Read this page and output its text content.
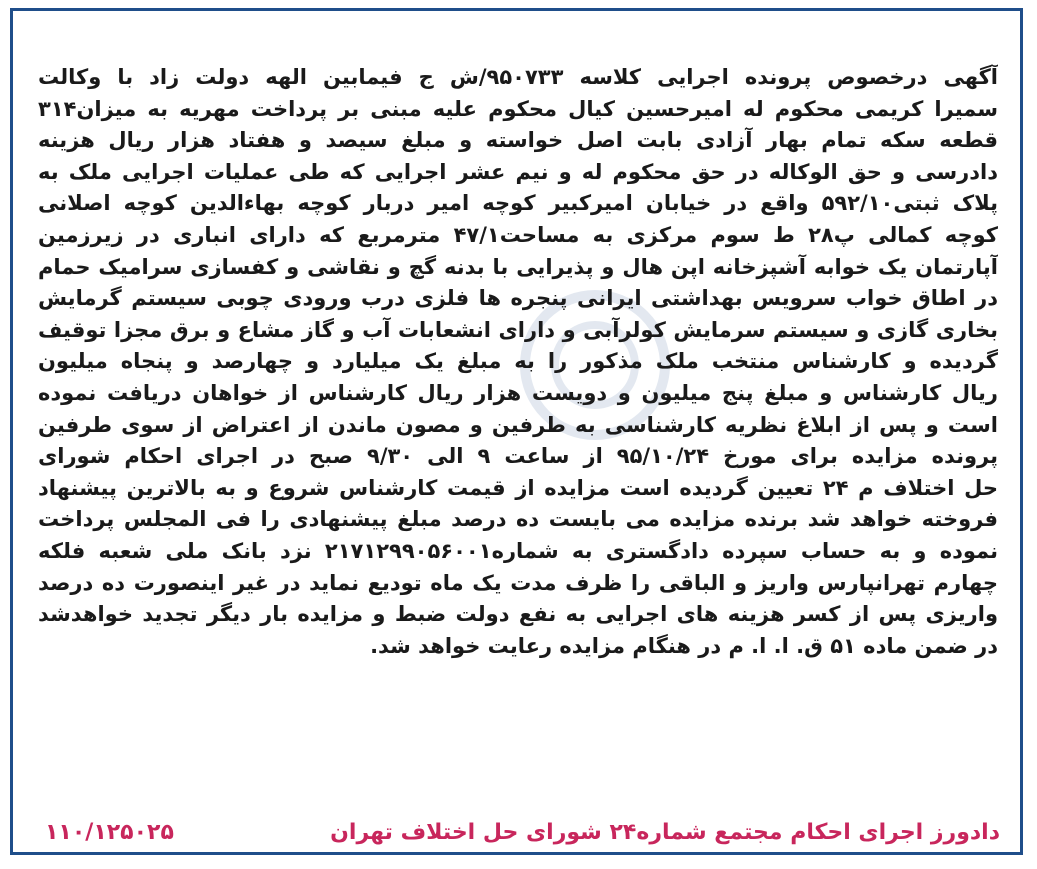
آگهی درخصوص پرونده اجرایی کلاسه ۹۵۰۷۳۳/ش ج فیمابین الهه دولت زاد با وکالت
سمیرا کریمی محکوم له امیرحسین کیال محکوم علیه مبنی بر پرداخت مهریه به میزان۳۱۴
قطعه سکه تمام بهار آزادی بابت اصل خواسته و مبلغ سیصد و هفتاد هزار ریال هزینه
دادرسی و حق الوکاله در حق محکوم له و نیم عشر اجرایی که طی عملیات اجرایی ملک به
پلاک ثبتی۵۹۲/۱۰ واقع در خیابان امیرکبیر کوچه امیر دربار کوچه بهاءالدین کوچه اصلانی
کوچه کمالی پ۲۸ ط سوم مرکزی به مساحت۴۷/۱ مترمربع که دارای انباری در زیرزمین
آپارتمان یک خوابه آشپزخانه اپن هال و پذیرایی با بدنه گچ و نقاشی و کفسازی سرامیک حمام
در اطاق خواب سرویس بهداشتی ایرانی پنجره ها فلزی درب ورودی چوبی سیستم گرمایش
بخاری گازی و سیستم سرمایش کولرآبی و دارای انشعابات آب و گاز مشاع و برق مجزا توقیف
گردیده و کارشناس منتخب ملک مذکور را به مبلغ یک میلیارد و چهارصد و پنجاه میلیون
ریال کارشناس و مبلغ پنج میلیون و دویست هزار ریال کارشناس از خواهان دریافت نموده
است و پس از ابلاغ نظریه کارشناسی به طرفین و مصون ماندن از اعتراض از سوی طرفین
پرونده مزایده برای مورخ ۹۵/۱۰/۲۴ از ساعت ۹ الی ۹/۳۰ صبح در اجرای احکام شورای
حل اختلاف م ۲۴ تعیین گردیده است مزایده از قیمت کارشناس شروع و به بالاترین پیشنهاد
فروخته خواهد شد برنده مزایده می بایست ده درصد مبلغ پیشنهادی را فی المجلس پرداخت
نموده و به حساب سپرده دادگستری به شماره۲۱۷۱۲۹۹۰۵۶۰۰۱ نزد بانک ملی شعبه فلکه
چهارم تهرانپارس واریز و الباقی را ظرف مدت یک ماه تودیع نماید در غیر اینصورت ده درصد
واریزی پس از کسر هزینه های اجرایی به نفع دولت ضبط و مزایده بار دیگر تجدید خواهدشد
در ضمن ماده ۵۱ ق. ا. ا. م در هنگام مزایده رعایت خواهد شد.
دادورز اجرای احکام مجتمع شماره۲۴ شورای حل اختلاف تهران
۱۱۰/۱۲۵۰۲۵
